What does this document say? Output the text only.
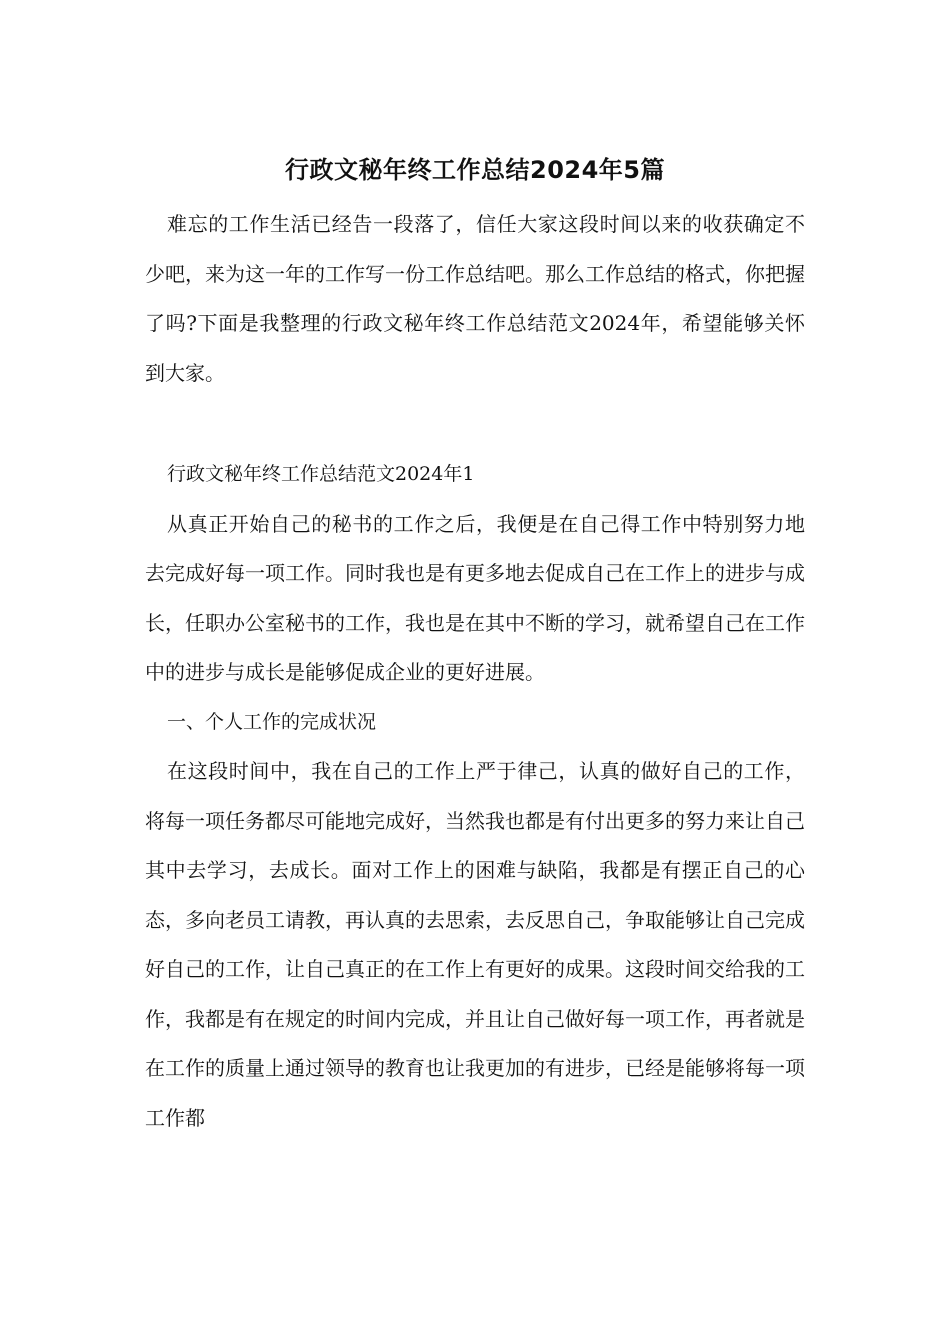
行政文秘年终工作总结2024年5篇

难忘的工作生活已经告一段落了，信任大家这段时间以来的收获确定不少吧，来为这一年的工作写一份工作总结吧。那么工作总结的格式，你把握了吗?下面是我整理的行政文秘年终工作总结范文2024年，希望能够关怀到大家。

行政文秘年终工作总结范文2024年1

从真正开始自己的秘书的工作之后，我便是在自己得工作中特别努力地去完成好每一项工作。同时我也是有更多地去促成自己在工作上的进步与成长，任职办公室秘书的工作，我也是在其中不断的学习，就希望自己在工作中的进步与成长是能够促成企业的更好进展。

一、个人工作的完成状况

在这段时间中，我在自己的工作上严于律己，认真的做好自己的工作，将每一项任务都尽可能地完成好，当然我也都是有付出更多的努力来让自己其中去学习，去成长。面对工作上的困难与缺陷，我都是有摆正自己的心态，多向老员工请教，再认真的去思索，去反思自己，争取能够让自己完成好自己的工作，让自己真正的在工作上有更好的成果。这段时间交给我的工作，我都是有在规定的时间内完成，并且让自己做好每一项工作，再者就是在工作的质量上通过领导的教育也让我更加的有进步，已经是能够将每一项工作都
